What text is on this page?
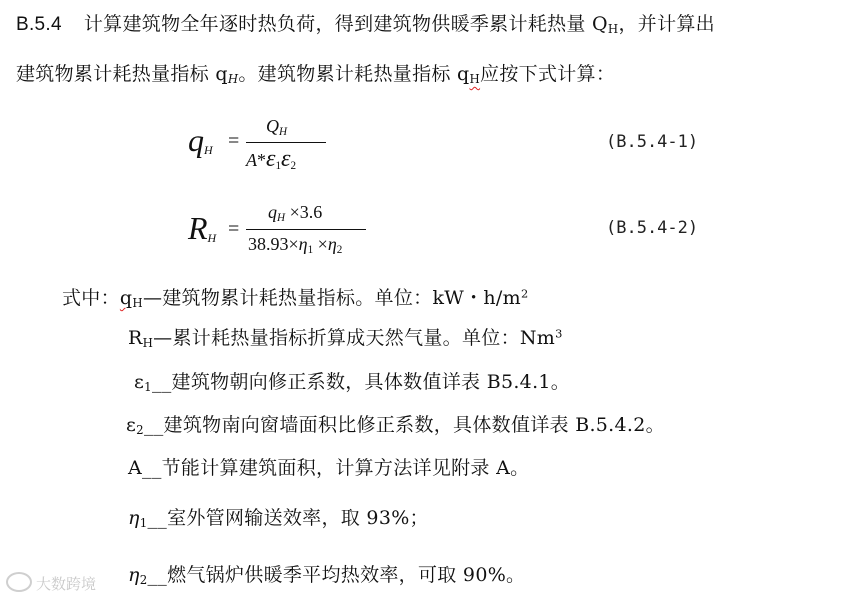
B.5.4 计算建筑物全年逐时热负荷，得到建筑物供暖季累计耗热量 $Q_H$，并计算出
建筑物累计耗热量指标 $q_H$。建筑物累计耗热量指标 $q_H$应按下式计算：
$q_H$ =
$Q_H$
$A*\varepsilon_1\varepsilon_2$
(B.5.4-1)
$R_H$ =
$q_H \times 3.6$
$38.93\times\eta_1 \times\eta_2$
(B.5.4-2)
式中：$q_H—$建筑物累计耗热量指标。单位：kW・$h/m^2$
$R_H—$累计耗热量指标折算成天然气量。单位：Nm$^3$
$\varepsilon_1\_\_$建筑物朝向修正系数，具体数值详表 B5.4.1。
$\varepsilon_2\_\_$建筑物南向窗墙面积比修正系数，具体数值详表 B.5.4.2。
A__节能计算建筑面积，计算方法详见附录 A。
$\eta_1\_\_$室外管网输送效率，取 93%；
$\eta_2\_\_$燃气锅炉供暖季平均热效率，可取 90%。
大数跨境
